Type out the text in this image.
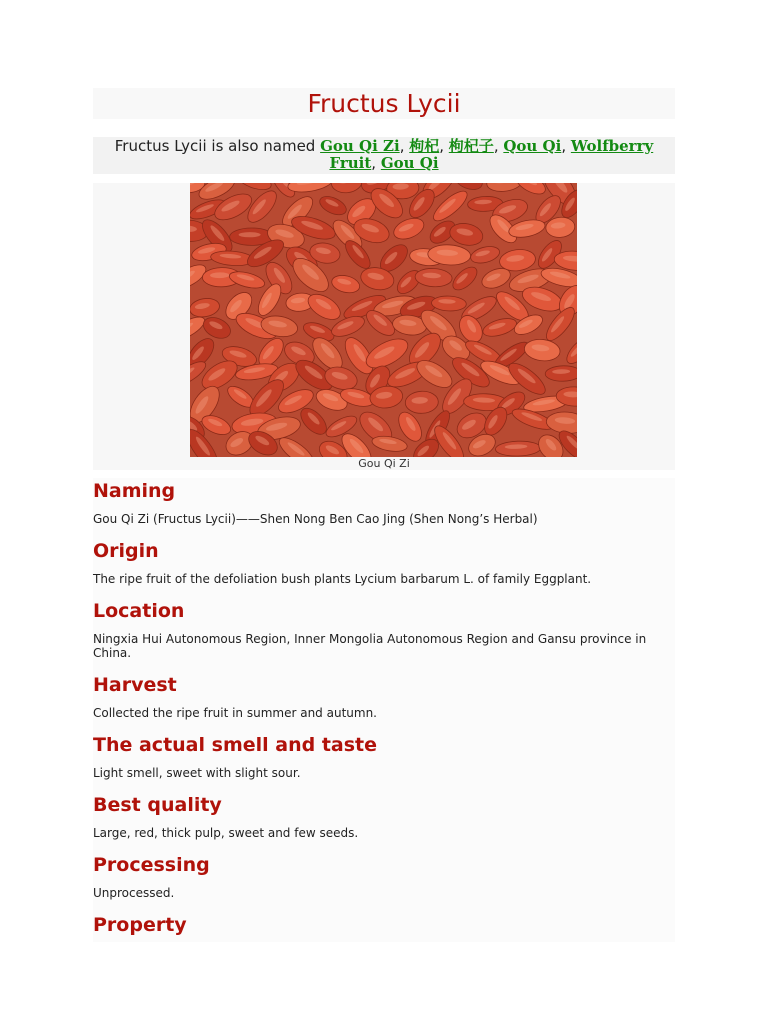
Fructus Lycii
Fructus Lycii is also named Gou Qi Zi, 枸杞, 枸杞子, Qou Qi, Wolfberry Fruit, Gou Qi
Gou Qi Zi
Naming

Gou Qi Zi (Fructus Lycii)——Shen Nong Ben Cao Jing (Shen Nong’s Herbal)

Origin

The ripe fruit of the defoliation bush plants Lycium barbarum L. of family Eggplant.

Location

Ningxia Hui Autonomous Region, Inner Mongolia Autonomous Region and Gansu province in China.

Harvest

Collected the ripe fruit in summer and autumn.

The actual smell and taste

Light smell, sweet with slight sour.

Best quality

Large, red, thick pulp, sweet and few seeds.

Processing

Unprocessed.

Property
